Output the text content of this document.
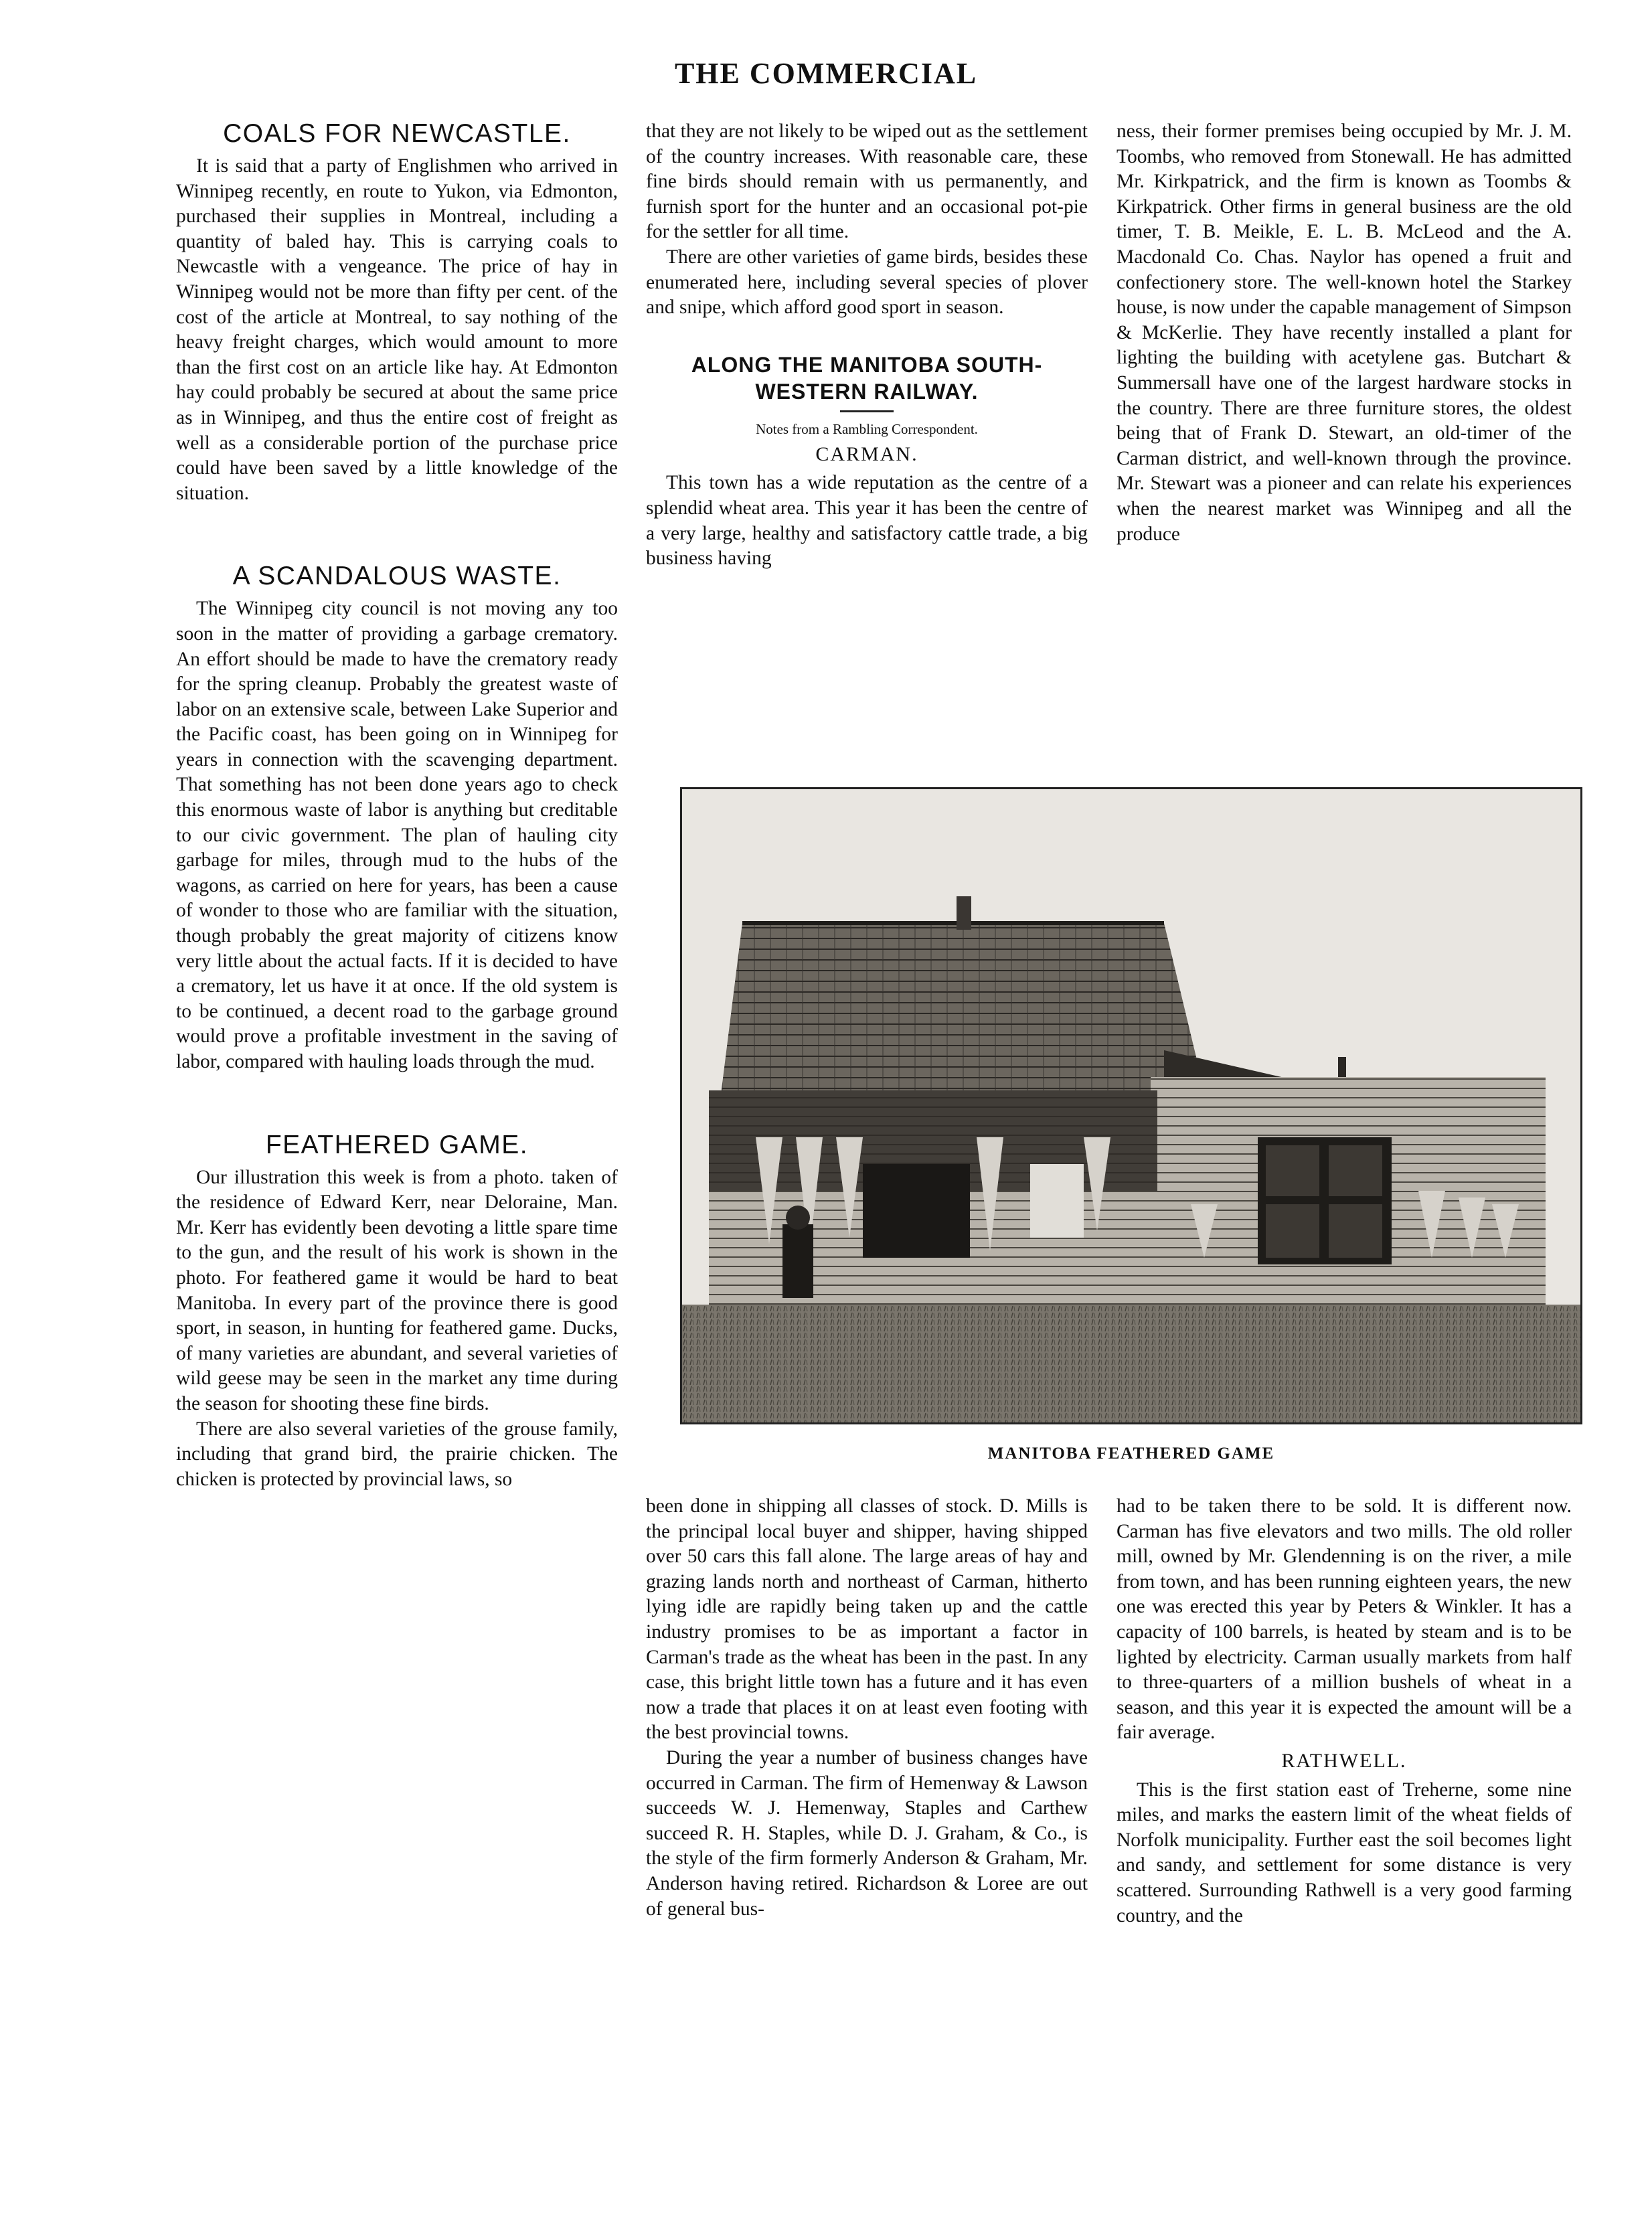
THE COMMERCIAL
COALS FOR NEWCASTLE.

It is said that a party of Englishmen who arrived in Winnipeg recently, en route to Yukon, via Edmonton, purchased their supplies in Montreal, including a quantity of baled hay. This is carrying coals to Newcastle with a vengeance. The price of hay in Winnipeg would not be more than fifty per cent. of the cost of the article at Montreal, to say nothing of the heavy freight charges, which would amount to more than the first cost on an article like hay. At Edmonton hay could probably be secured at about the same price as in Winnipeg, and thus the entire cost of freight as well as a considerable portion of the purchase price could have been saved by a little knowledge of the situation.

A SCANDALOUS WASTE.

The Winnipeg city council is not moving any too soon in the matter of providing a garbage crematory. An effort should be made to have the crematory ready for the spring cleanup. Probably the greatest waste of labor on an extensive scale, between Lake Superior and the Pacific coast, has been going on in Winnipeg for years in connection with the scavenging department. That something has not been done years ago to check this enormous waste of labor is anything but creditable to our civic government. The plan of hauling city garbage for miles, through mud to the hubs of the wagons, as carried on here for years, has been a cause of wonder to those who are familiar with the situation, though probably the great majority of citizens know very little about the actual facts. If it is decided to have a crematory, let us have it at once. If the old system is to be continued, a decent road to the garbage ground would prove a profitable investment in the saving of labor, compared with hauling loads through the mud.

FEATHERED GAME.

Our illustration this week is from a photo. taken of the residence of Edward Kerr, near Deloraine, Man. Mr. Kerr has evidently been devoting a little spare time to the gun, and the result of his work is shown in the photo. For feathered game it would be hard to beat Manitoba. In every part of the province there is good sport, in season, in hunting for feathered game. Ducks, of many varieties are abundant, and several varieties of wild geese may be seen in the market any time during the season for shooting these fine birds.

There are also several varieties of the grouse family, including that grand bird, the prairie chicken. The chicken is protected by provincial laws, so

that they are not likely to be wiped out as the settlement of the country increases. With reasonable care, these fine birds should remain with us permanently, and furnish sport for the hunter and an occasional pot-pie for the settler for all time.

There are other varieties of game birds, besides these enumerated here, including several species of plover and snipe, which afford good sport in season.

ALONG THE MANITOBA SOUTH-WESTERN RAILWAY.
Notes from a Rambling Correspondent.
CARMAN.

This town has a wide reputation as the centre of a splendid wheat area. This year it has been the centre of a very large, healthy and satisfactory cattle trade, a big business having

ness, their former premises being occupied by Mr. J. M. Toombs, who removed from Stonewall. He has admitted Mr. Kirkpatrick, and the firm is known as Toombs & Kirkpatrick. Other firms in general business are the old timer, T. B. Meikle, E. L. B. McLeod and the A. Macdonald Co. Chas. Naylor has opened a fruit and confectionery store. The well-known hotel the Starkey house, is now under the capable management of Simpson & McKerlie. They have recently installed a plant for lighting the building with acetylene gas. Butchart & Summersall have one of the largest hardware stocks in the country. There are three furniture stores, the oldest being that of Frank D. Stewart, an old-timer of the Carman district, and well-known through the province. Mr. Stewart was a pioneer and can relate his experiences when the nearest market was Winnipeg and all the produce

MANITOBA FEATHERED GAME

been done in shipping all classes of stock. D. Mills is the principal local buyer and shipper, having shipped over 50 cars this fall alone. The large areas of hay and grazing lands north and northeast of Carman, hitherto lying idle are rapidly being taken up and the cattle industry promises to be as important a factor in Carman's trade as the wheat has been in the past. In any case, this bright little town has a future and it has even now a trade that places it on at least even footing with the best provincial towns.

During the year a number of business changes have occurred in Carman. The firm of Hemenway & Lawson succeeds W. J. Hemenway, Staples and Carthew succeed R. H. Staples, while D. J. Graham, & Co., is the style of the firm formerly Anderson & Graham, Mr. Anderson having retired. Richardson & Loree are out of general bus-

had to be taken there to be sold. It is different now. Carman has five elevators and two mills. The old roller mill, owned by Mr. Glendenning is on the river, a mile from town, and has been running eighteen years, the new one was erected this year by Peters & Winkler. It has a capacity of 100 barrels, is heated by steam and is to be lighted by electricity. Carman usually markets from half to three-quarters of a million bushels of wheat in a season, and this year it is expected the amount will be a fair average.

RATHWELL.

This is the first station east of Treherne, some nine miles, and marks the eastern limit of the wheat fields of Norfolk municipality. Further east the soil becomes light and sandy, and settlement for some distance is very scattered. Surrounding Rathwell is a very good farming country, and the
